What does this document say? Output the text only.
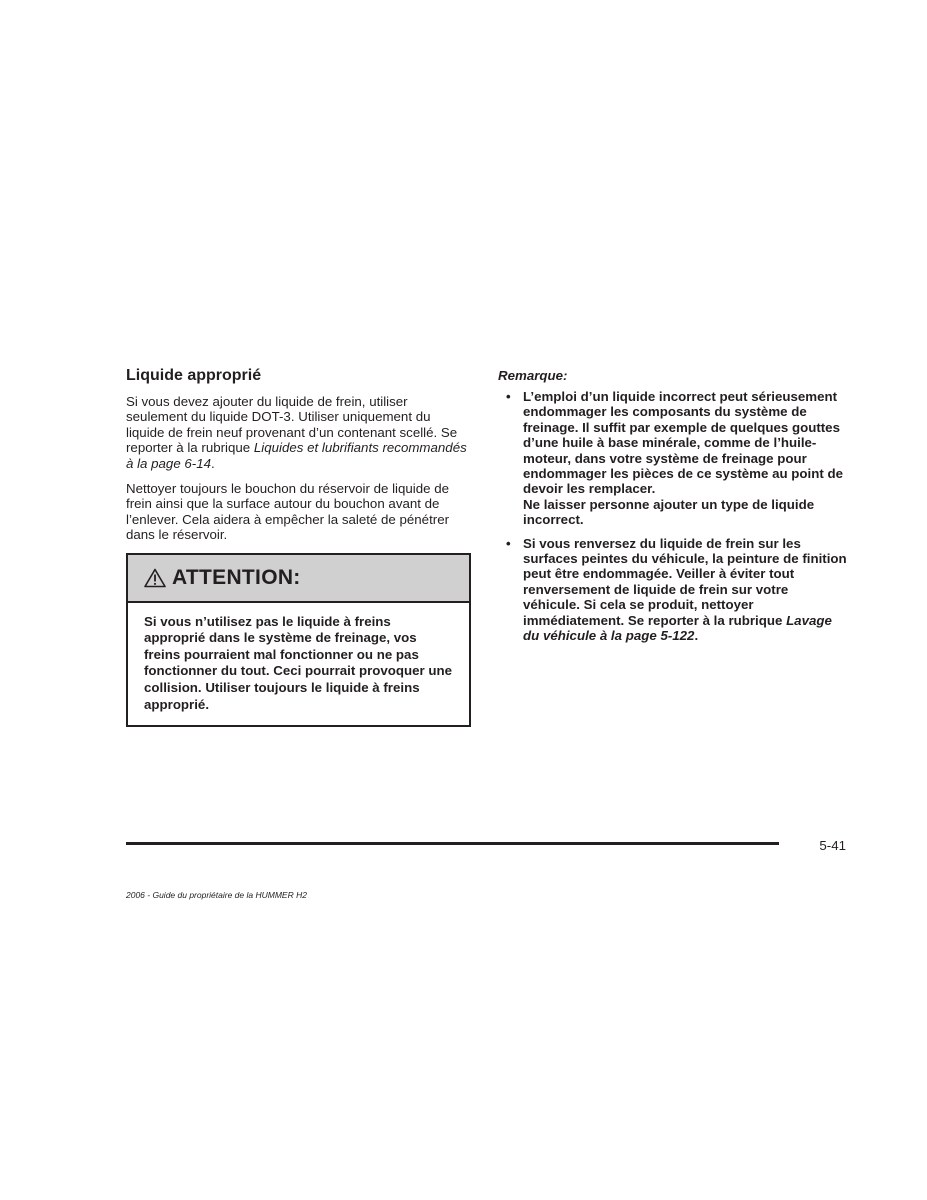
Liquide approprié

Si vous devez ajouter du liquide de frein, utiliser seulement du liquide DOT-3. Utiliser uniquement du liquide de frein neuf provenant d’un contenant scellé. Se reporter à la rubrique Liquides et lubrifiants recommandés à la page 6-14.

Nettoyer toujours le bouchon du réservoir de liquide de frein ainsi que la surface autour du bouchon avant de l’enlever. Cela aidera à empêcher la saleté de pénétrer dans le réservoir.

ATTENTION:
Si vous n’utilisez pas le liquide à freins approprié dans le système de freinage, vos freins pourraient mal fonctionner ou ne pas fonctionner du tout. Ceci pourrait provoquer une collision. Utiliser toujours le liquide à freins approprié.

Remarque:

• L’emploi d’un liquide incorrect peut sérieusement endommager les composants du système de freinage. Il suffit par exemple de quelques gouttes d’une huile à base minérale, comme de l’huile-moteur, dans votre système de freinage pour endommager les pièces de ce système au point de devoir les remplacer.
Ne laisser personne ajouter un type de liquide incorrect.
• Si vous renversez du liquide de frein sur les surfaces peintes du véhicule, la peinture de finition peut être endommagée. Veiller à éviter tout renversement de liquide de frein sur votre véhicule. Si cela se produit, nettoyer immédiatement. Se reporter à la rubrique Lavage du véhicule à la page 5-122.
5-41
2006 - Guide du propriétaire de la HUMMER H2
